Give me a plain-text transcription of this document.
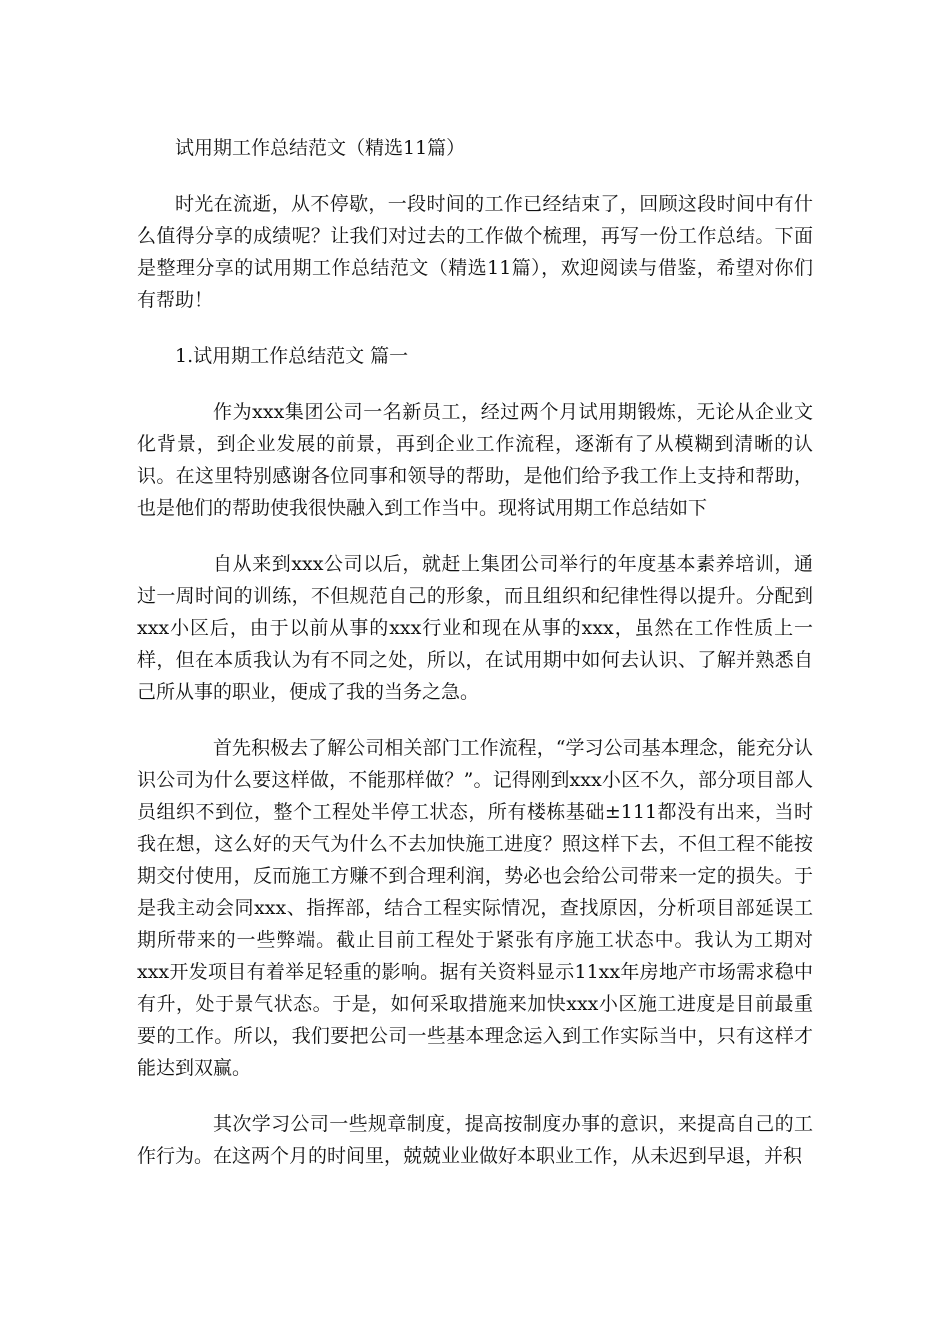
试用期工作总结范文（精选11篇）

时光在流逝，从不停歇，一段时间的工作已经结束了，回顾这段时间中有什么值得分享的成绩呢？让我们对过去的工作做个梳理，再写一份工作总结。下面是整理分享的试用期工作总结范文（精选11篇），欢迎阅读与借鉴，希望对你们有帮助！

1.试用期工作总结范文 篇一

作为xxx集团公司一名新员工，经过两个月试用期锻炼，无论从企业文化背景，到企业发展的前景，再到企业工作流程，逐渐有了从模糊到清晰的认识。在这里特别感谢各位同事和领导的帮助，是他们给予我工作上支持和帮助，也是他们的帮助使我很快融入到工作当中。现将试用期工作总结如下

自从来到xxx公司以后，就赶上集团公司举行的年度基本素养培训，通过一周时间的训练，不但规范自己的形象，而且组织和纪律性得以提升。分配到xxx小区后，由于以前从事的xxx行业和现在从事的xxx，虽然在工作性质上一样，但在本质我认为有不同之处，所以，在试用期中如何去认识、了解并熟悉自己所从事的职业，便成了我的当务之急。

首先积极去了解公司相关部门工作流程，“学习公司基本理念，能充分认识公司为什么要这样做，不能那样做？”。记得刚到xxx小区不久，部分项目部人员组织不到位，整个工程处半停工状态，所有楼栋基础±111都没有出来，当时我在想，这么好的天气为什么不去加快施工进度？照这样下去，不但工程不能按期交付使用，反而施工方赚不到合理利润，势必也会给公司带来一定的损失。于是我主动会同xxx、指挥部，结合工程实际情况，查找原因，分析项目部延误工期所带来的一些弊端。截止目前工程处于紧张有序施工状态中。我认为工期对xxx开发项目有着举足轻重的影响。据有关资料显示11xx年房地产市场需求稳中有升，处于景气状态。于是，如何采取措施来加快xxx小区施工进度是目前最重要的工作。所以，我们要把公司一些基本理念运入到工作实际当中，只有这样才能达到双赢。

其次学习公司一些规章制度，提高按制度办事的意识，来提高自己的工作行为。在这两个月的时间里，兢兢业业做好本职业工作，从未迟到早退，并积
